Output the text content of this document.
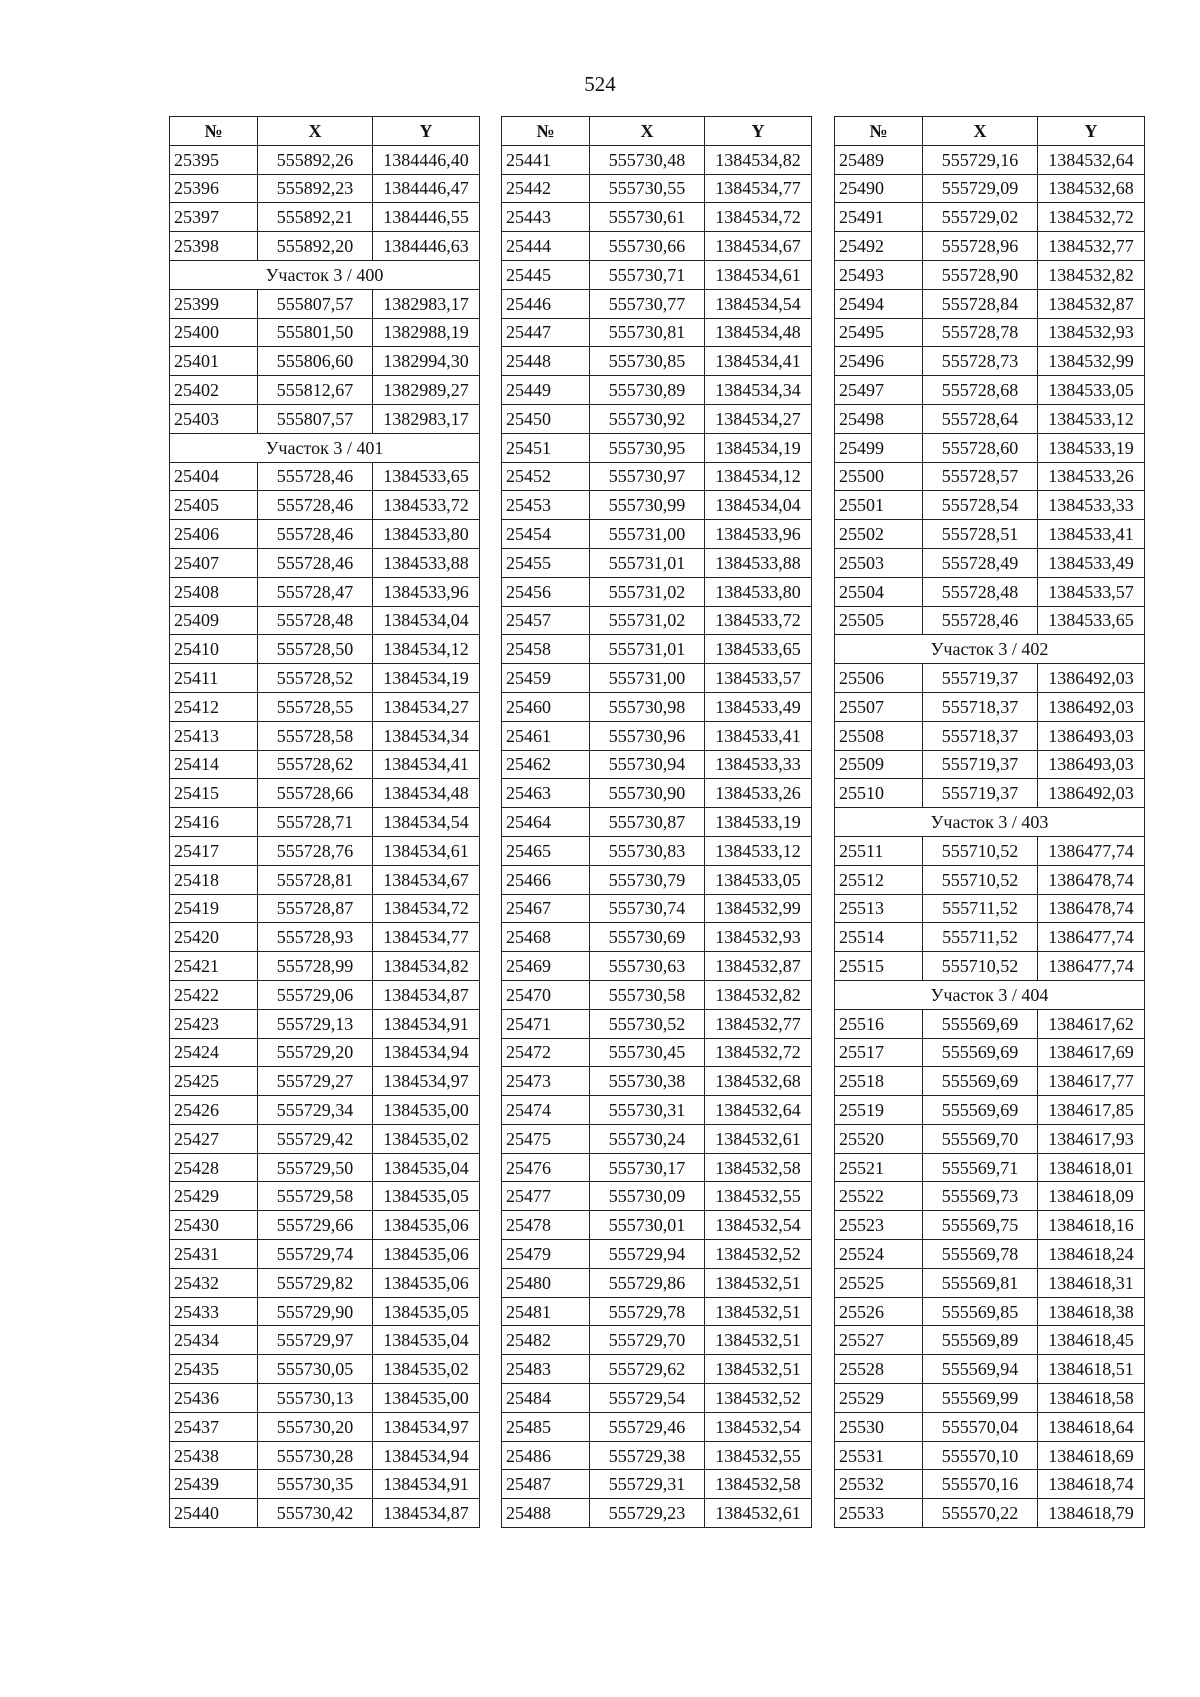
524
№	X	Y
25395	555892,26	1384446,40
25396	555892,23	1384446,47
25397	555892,21	1384446,55
25398	555892,20	1384446,63
Участок 3 / 400		
25399	555807,57	1382983,17
25400	555801,50	1382988,19
25401	555806,60	1382994,30
25402	555812,67	1382989,27
25403	555807,57	1382983,17
Участок 3 / 401		
25404	555728,46	1384533,65
25405	555728,46	1384533,72
25406	555728,46	1384533,80
25407	555728,46	1384533,88
25408	555728,47	1384533,96
25409	555728,48	1384534,04
25410	555728,50	1384534,12
25411	555728,52	1384534,19
25412	555728,55	1384534,27
25413	555728,58	1384534,34
25414	555728,62	1384534,41
25415	555728,66	1384534,48
25416	555728,71	1384534,54
25417	555728,76	1384534,61
25418	555728,81	1384534,67
25419	555728,87	1384534,72
25420	555728,93	1384534,77
25421	555728,99	1384534,82
25422	555729,06	1384534,87
25423	555729,13	1384534,91
25424	555729,20	1384534,94
25425	555729,27	1384534,97
25426	555729,34	1384535,00
25427	555729,42	1384535,02
25428	555729,50	1384535,04
25429	555729,58	1384535,05
25430	555729,66	1384535,06
25431	555729,74	1384535,06
25432	555729,82	1384535,06
25433	555729,90	1384535,05
25434	555729,97	1384535,04
25435	555730,05	1384535,02
25436	555730,13	1384535,00
25437	555730,20	1384534,97
25438	555730,28	1384534,94
25439	555730,35	1384534,91
25440	555730,42	1384534,87
№	X	Y
25441	555730,48	1384534,82
25442	555730,55	1384534,77
25443	555730,61	1384534,72
25444	555730,66	1384534,67
25445	555730,71	1384534,61
25446	555730,77	1384534,54
25447	555730,81	1384534,48
25448	555730,85	1384534,41
25449	555730,89	1384534,34
25450	555730,92	1384534,27
25451	555730,95	1384534,19
25452	555730,97	1384534,12
25453	555730,99	1384534,04
25454	555731,00	1384533,96
25455	555731,01	1384533,88
25456	555731,02	1384533,80
25457	555731,02	1384533,72
25458	555731,01	1384533,65
25459	555731,00	1384533,57
25460	555730,98	1384533,49
25461	555730,96	1384533,41
25462	555730,94	1384533,33
25463	555730,90	1384533,26
25464	555730,87	1384533,19
25465	555730,83	1384533,12
25466	555730,79	1384533,05
25467	555730,74	1384532,99
25468	555730,69	1384532,93
25469	555730,63	1384532,87
25470	555730,58	1384532,82
25471	555730,52	1384532,77
25472	555730,45	1384532,72
25473	555730,38	1384532,68
25474	555730,31	1384532,64
25475	555730,24	1384532,61
25476	555730,17	1384532,58
25477	555730,09	1384532,55
25478	555730,01	1384532,54
25479	555729,94	1384532,52
25480	555729,86	1384532,51
25481	555729,78	1384532,51
25482	555729,70	1384532,51
25483	555729,62	1384532,51
25484	555729,54	1384532,52
25485	555729,46	1384532,54
25486	555729,38	1384532,55
25487	555729,31	1384532,58
25488	555729,23	1384532,61
№	X	Y
25489	555729,16	1384532,64
25490	555729,09	1384532,68
25491	555729,02	1384532,72
25492	555728,96	1384532,77
25493	555728,90	1384532,82
25494	555728,84	1384532,87
25495	555728,78	1384532,93
25496	555728,73	1384532,99
25497	555728,68	1384533,05
25498	555728,64	1384533,12
25499	555728,60	1384533,19
25500	555728,57	1384533,26
25501	555728,54	1384533,33
25502	555728,51	1384533,41
25503	555728,49	1384533,49
25504	555728,48	1384533,57
25505	555728,46	1384533,65
Участок 3 / 402		
25506	555719,37	1386492,03
25507	555718,37	1386492,03
25508	555718,37	1386493,03
25509	555719,37	1386493,03
25510	555719,37	1386492,03
Участок 3 / 403		
25511	555710,52	1386477,74
25512	555710,52	1386478,74
25513	555711,52	1386478,74
25514	555711,52	1386477,74
25515	555710,52	1386477,74
Участок 3 / 404		
25516	555569,69	1384617,62
25517	555569,69	1384617,69
25518	555569,69	1384617,77
25519	555569,69	1384617,85
25520	555569,70	1384617,93
25521	555569,71	1384618,01
25522	555569,73	1384618,09
25523	555569,75	1384618,16
25524	555569,78	1384618,24
25525	555569,81	1384618,31
25526	555569,85	1384618,38
25527	555569,89	1384618,45
25528	555569,94	1384618,51
25529	555569,99	1384618,58
25530	555570,04	1384618,64
25531	555570,10	1384618,69
25532	555570,16	1384618,74
25533	555570,22	1384618,79
